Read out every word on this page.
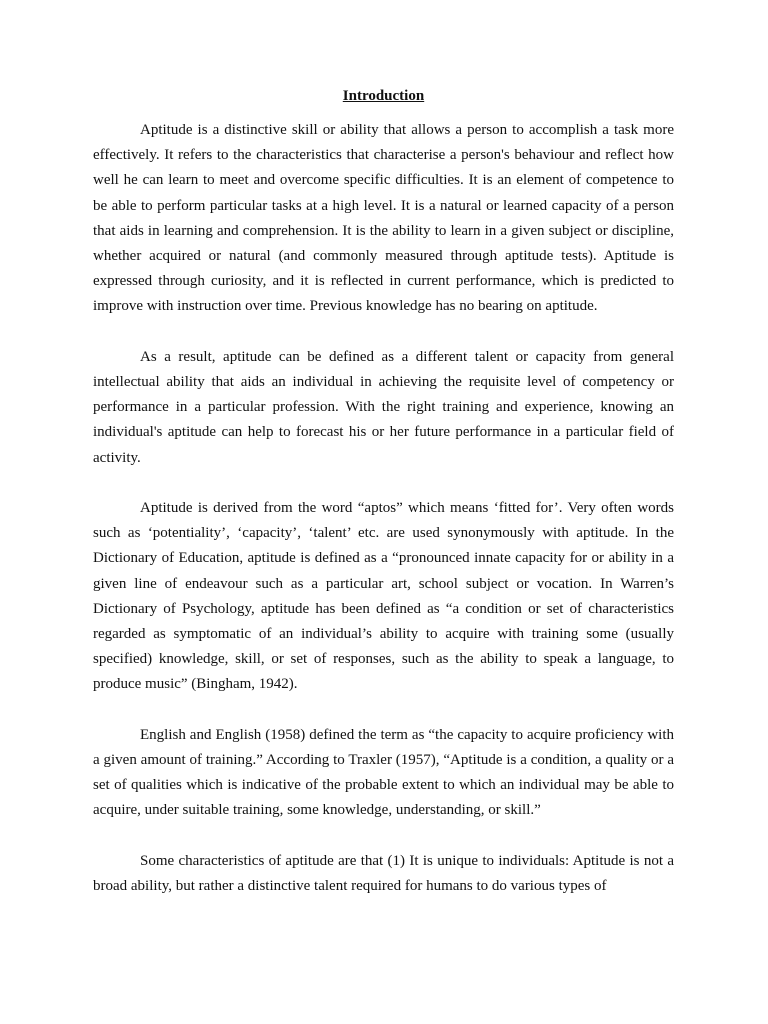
Introduction

Aptitude is a distinctive skill or ability that allows a person to accomplish a task more effectively. It refers to the characteristics that characterise a person's behaviour and reflect how well he can learn to meet and overcome specific difficulties. It is an element of competence to be able to perform particular tasks at a high level. It is a natural or learned capacity of a person that aids in learning and comprehension. It is the ability to learn in a given subject or discipline, whether acquired or natural (and commonly measured through aptitude tests). Aptitude is expressed through curiosity, and it is reflected in current performance, which is predicted to improve with instruction over time. Previous knowledge has no bearing on aptitude.

As a result, aptitude can be defined as a different talent or capacity from general intellectual ability that aids an individual in achieving the requisite level of competency or performance in a particular profession. With the right training and experience, knowing an individual's aptitude can help to forecast his or her future performance in a particular field of activity.

Aptitude is derived from the word “aptos” which means ‘fitted for’. Very often words such as ‘potentiality’, ‘capacity’, ‘talent’ etc. are used synonymously with aptitude. In the Dictionary of Education, aptitude is defined as a “pronounced innate capacity for or ability in a given line of endeavour such as a particular art, school subject or vocation. In Warren’s Dictionary of Psychology, aptitude has been defined as “a condition or set of characteristics regarded as symptomatic of an individual’s ability to acquire with training some (usually specified) knowledge, skill, or set of responses, such as the ability to speak a language, to produce music” (Bingham, 1942).

English and English (1958) defined the term as “the capacity to acquire proficiency with a given amount of training.” According to Traxler (1957), “Aptitude is a condition, a quality or a set of qualities which is indicative of the probable extent to which an individual may be able to acquire, under suitable training, some knowledge, understanding, or skill.”

Some characteristics of aptitude are that (1) It is unique to individuals: Aptitude is not a broad ability, but rather a distinctive talent required for humans to do various types of
